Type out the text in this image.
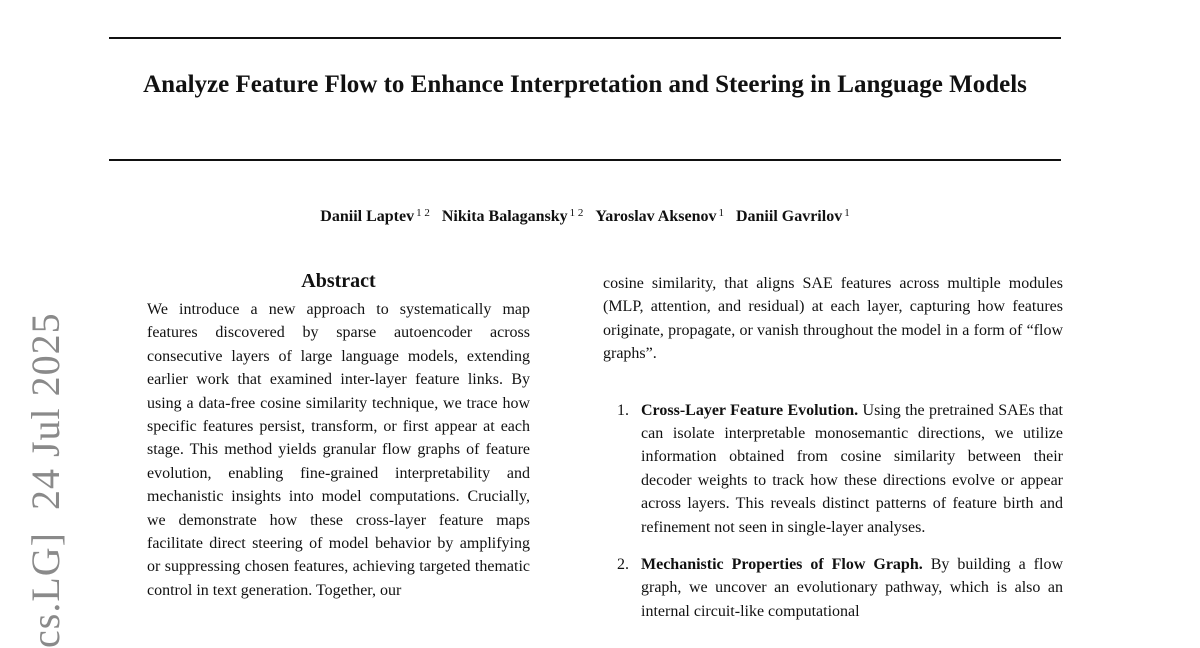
Analyze Feature Flow to Enhance Interpretation and Steering in Language Models
Daniil Laptev $^{1 2}$ Nikita Balagansky $^{1 2}$ Yaroslav Aksenov $^1$ Daniil Gavrilov $^1$
cs.LG]  24 Jul 2025
Abstract

We introduce a new approach to systematically map features discovered by sparse autoencoder across consecutive layers of large language models, extending earlier work that examined inter-layer feature links. By using a data-free cosine similarity technique, we trace how specific features persist, transform, or first appear at each stage. This method yields granular flow graphs of feature evolution, enabling fine-grained interpretability and mechanistic insights into model computations. Crucially, we demonstrate how these cross-layer feature maps facilitate direct steering of model behavior by amplifying or suppressing chosen features, achieving targeted thematic control in text generation. Together, our

cosine similarity, that aligns SAE features across multiple modules (MLP, attention, and residual) at each layer, capturing how features originate, propagate, or vanish throughout the model in a form of “flow graphs”.

1. Cross-Layer Feature Evolution. Using the pretrained SAEs that can isolate interpretable monosemantic directions, we utilize information obtained from cosine similarity between their decoder weights to track how these directions evolve or appear across layers. This reveals distinct patterns of feature birth and refinement not seen in single-layer analyses.
2. Mechanistic Properties of Flow Graph. By building a flow graph, we uncover an evolutionary pathway, which is also an internal circuit-like computational
